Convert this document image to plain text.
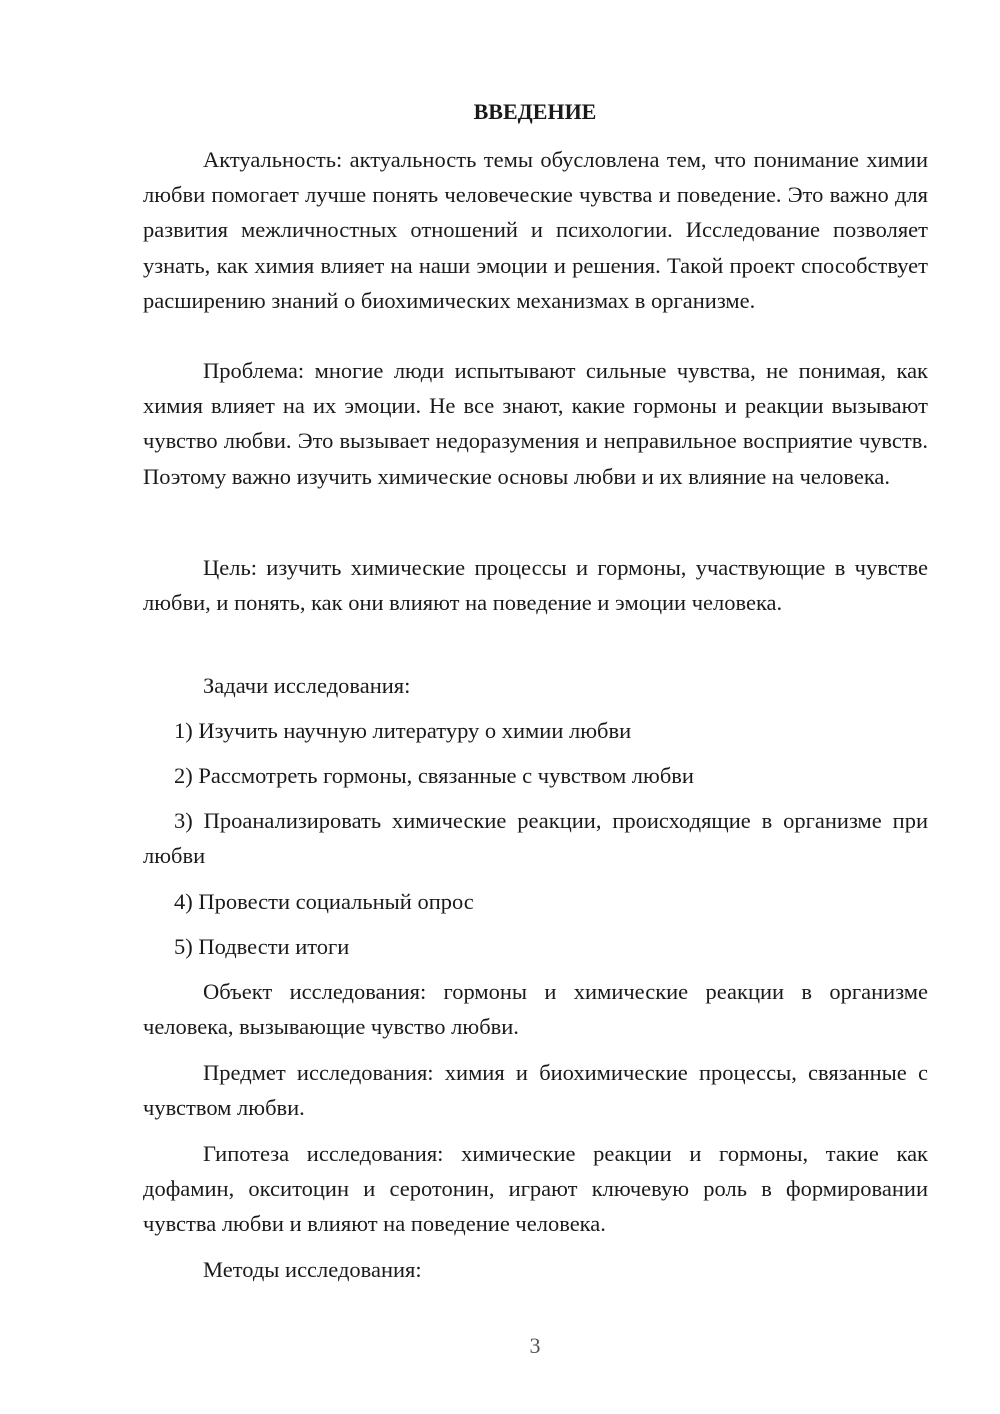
ВВЕДЕНИЕ

Актуальность: актуальность темы обусловлена тем, что понимание химии любви помогает лучше понять человеческие чувства и поведение. Это важно для развития межличностных отношений и психологии. Исследование позволяет узнать, как химия влияет на наши эмоции и решения. Такой проект способствует расширению знаний о биохимических механизмах в организме.

Проблема: многие люди испытывают сильные чувства, не понимая, как химия влияет на их эмоции. Не все знают, какие гормоны и реакции вызывают чувство любви. Это вызывает недоразумения и неправильное восприятие чувств. Поэтому важно изучить химические основы любви и их влияние на человека.

Цель: изучить химические процессы и гормоны, участвующие в чувстве любви, и понять, как они влияют на поведение и эмоции человека.

Задачи исследования:

1) Изучить научную литературу о химии любви

2) Рассмотреть гормоны, связанные с чувством любви

3) Проанализировать химические реакции, происходящие в организме при любви

4) Провести социальный опрос

5) Подвести итоги

Объект исследования: гормоны и химические реакции в организме человека, вызывающие чувство любви.

Предмет исследования: химия и биохимические процессы, связанные с чувством любви.

Гипотеза исследования: химические реакции и гормоны, такие как дофамин, окситоцин и серотонин, играют ключевую роль в формировании чувства любви и влияют на поведение человека.

Методы исследования:

3
